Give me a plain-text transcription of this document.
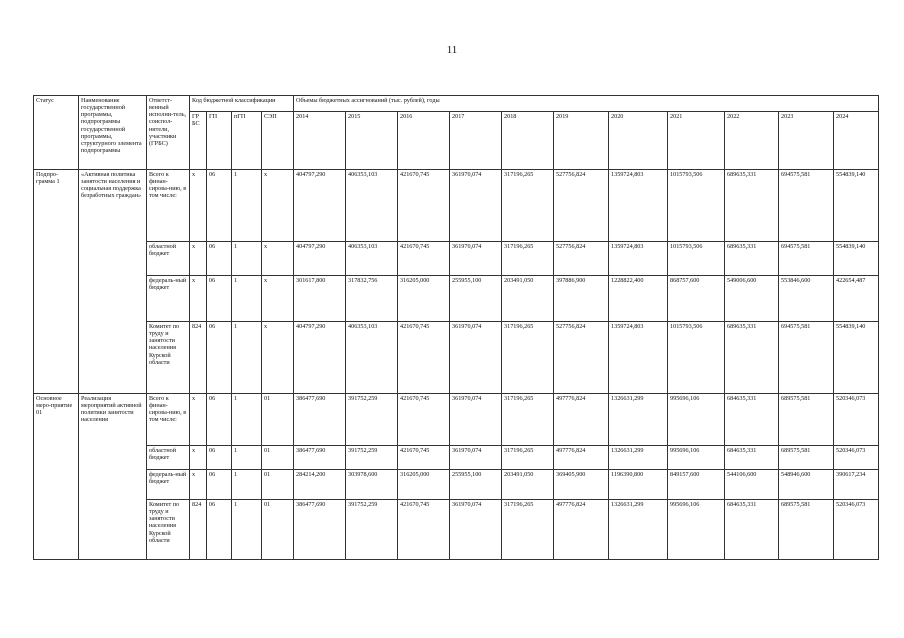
11
Статус	Наименование государственной программы, подпрограммы государственной программы, структурного элемента подпрограммы	Ответст-венный исполни-тель, соиспол-нители, участники (ГРБС)	Код бюджетной классификации				Объемы бюджетных ассигнований (тыс. рублей), годы										
			ГР БС	ГП	пГП	СЭП	2014	2015	2016	2017	2018	2019	2020	2021	2022	2023	2024
Подпро-грамма 1	«Активная политика занятости населения и социальная поддержка безработных граждан»	Всего к финан-сирова-нию, в том числе:	x	06	1	x	404797,290	406353,103	421670,745	361970,074	317196,265	527756,824	1359724,803	1015793,506	689635,331	694575,581	554839,140
		областной бюджет	x	06	1	x	404797,290	406353,103	421670,745	361970,074	317196,265	527756,824	1359724,803	1015793,506	689635,331	694575,581	554839,140
		федераль-ный бюджет	x	06	1	x	301617,800	317832,756	316205,000	255955,100	203491,050	397886,900	1228822,400	868757,600	549006,600	553846,600	422654,487
		Комитет по труду и занятости населения Курской области	824	06	1	x	404797,290	406353,103	421670,745	361970,074	317196,265	527756,824	1359724,803	1015793,506	689635,331	694575,581	554839,140
Основное меро-приятие 01	Реализация мероприятий активной политики занятости населения	Всего к финан-сирова-нию, в том числе:	x	06	1	01	386477,690	391752,259	421670,745	361970,074	317196,265	497776,824	1326631,299	995696,106	684635,331	689575,581	520346,073
		областной бюджет	x	06	1	01	386477,690	391752,259	421670,745	361970,074	317196,265	497776,824	1326631,299	995696,106	684635,331	689575,581	520346,073
		федераль-ный бюджет	x	06	1	01	284214,200	303978,600	316205,000	255955,100	203491,050	369405,900	1196390,800	849157,600	544106,600	548946,600	390617,234
		Комитет по труду и занятости населения Курской области	824	06	1	01	386477,690	391752,259	421670,745	361970,074	317196,265	497776,824	1326631,299	995696,106	684635,331	689575,581	520346,073
